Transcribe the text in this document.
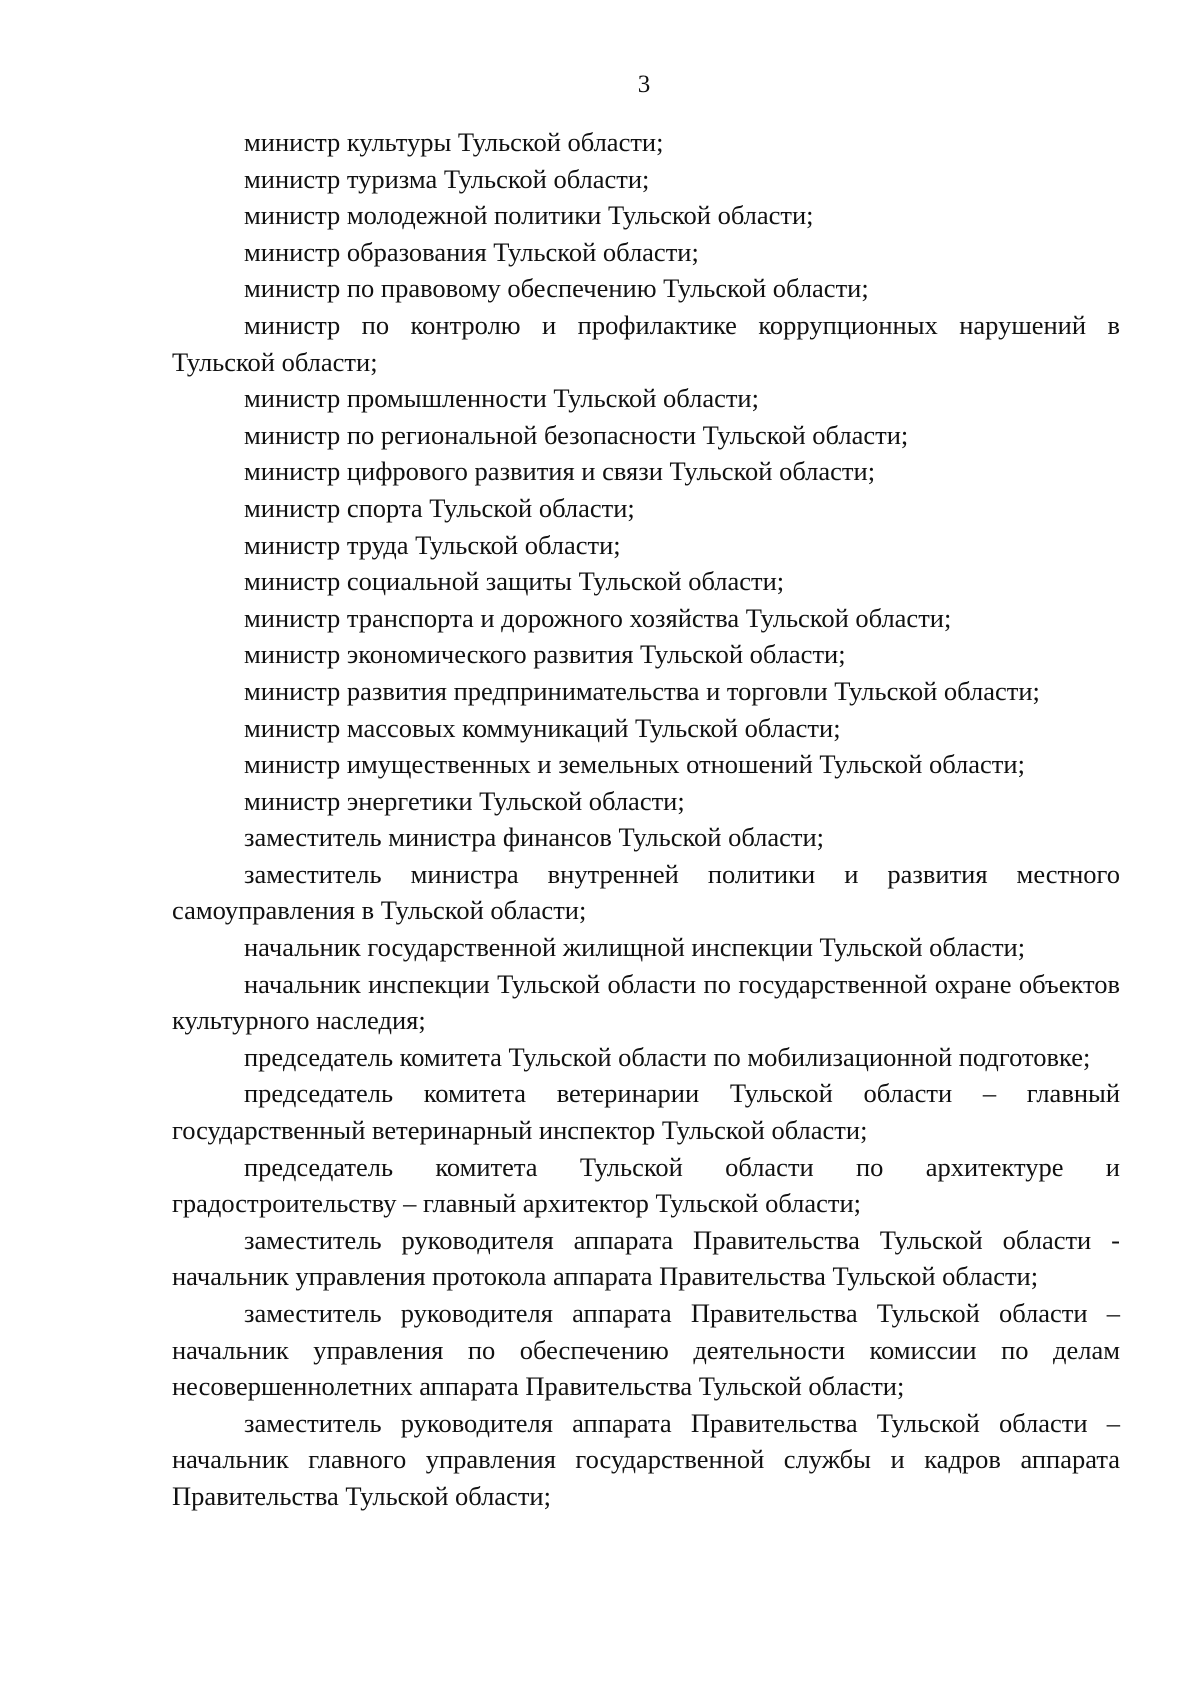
3

министр культуры Тульской области;

министр туризма Тульской области;

министр молодежной политики Тульской области;

министр образования Тульской области;

министр по правовому обеспечению Тульской области;

министр по контролю и профилактике коррупционных нарушений в Тульской области;

министр промышленности Тульской области;

министр по региональной безопасности Тульской области;

министр цифрового развития и связи Тульской области;

министр спорта Тульской области;

министр труда Тульской области;

министр социальной защиты Тульской области;

министр транспорта и дорожного хозяйства Тульской области;

министр экономического развития Тульской области;

министр развития предпринимательства и торговли Тульской области;

министр массовых коммуникаций Тульской области;

министр имущественных и земельных отношений Тульской области;

министр энергетики Тульской области;

заместитель министра финансов Тульской области;

заместитель министра внутренней политики и развития местного самоуправления в Тульской области;

начальник государственной жилищной инспекции Тульской области;

начальник инспекции Тульской области по государственной охране объектов культурного наследия;

председатель комитета Тульской области по мобилизационной подготовке;

председатель комитета ветеринарии Тульской области – главный государственный ветеринарный инспектор Тульской области;

председатель комитета Тульской области по архитектуре и градостроительству – главный архитектор Тульской области;

заместитель руководителя аппарата Правительства Тульской области - начальник управления протокола аппарата Правительства Тульской области;

заместитель руководителя аппарата Правительства Тульской области – начальник управления по обеспечению деятельности комиссии по делам несовершеннолетних аппарата Правительства Тульской области;

заместитель руководителя аппарата Правительства Тульской области – начальник главного управления государственной службы и кадров аппарата Правительства Тульской области;
